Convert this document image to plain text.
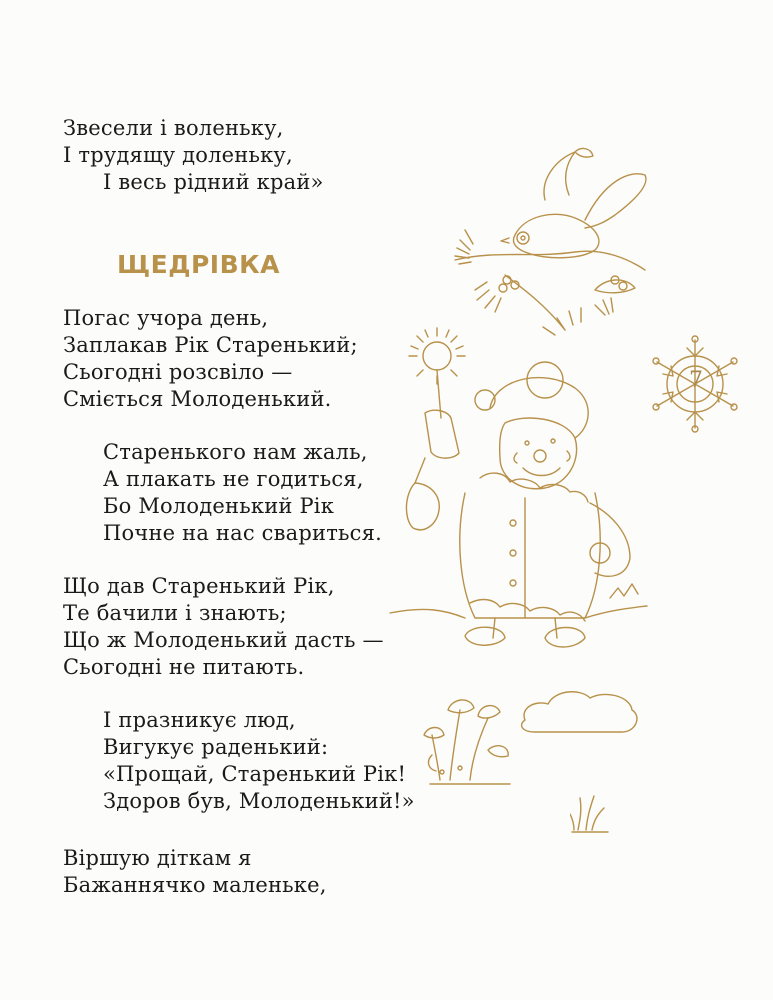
Звесели і воленьку,
І трудящу доленьку,
І весь рідний край»
ЩЕДРІВКА
Погас учора день,
Заплакав Рік Старенький;
Сьогодні розсвіло —
Сміється Молоденький.
Старенького нам жаль,
А плакать не годиться,
Бо Молоденький Рік
Почне на нас свариться.
Що дав Старенький Рік,
Те бачили і знають;
Що ж Молоденький дасть —
Сьогодні не питають.
І празникує люд,
Вигукує раденький:
«Прощай, Старенький Рік!
Здоров був, Молоденький!»
Віршую діткам я
Бажаннячко маленьке,
7
